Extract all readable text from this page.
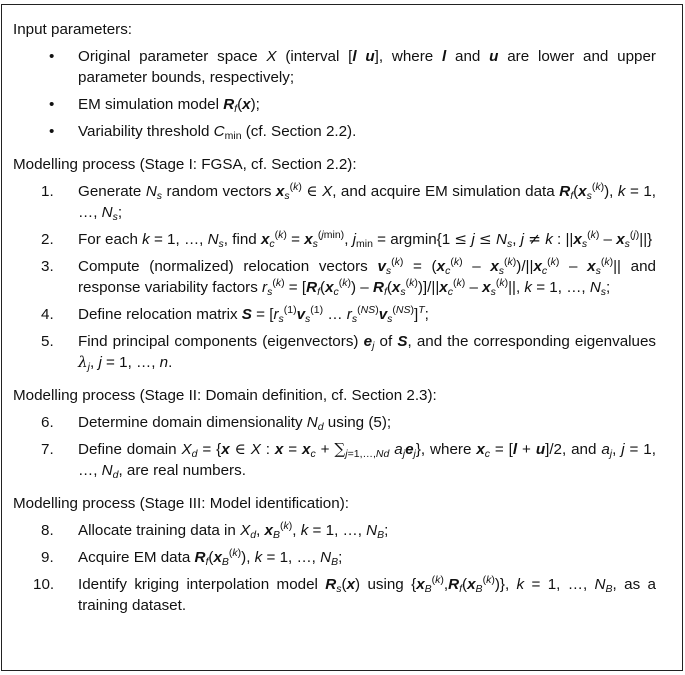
Input parameters:
• Original parameter space X (interval [l u], where l and u are lower and upper parameter bounds, respectively;
• EM simulation model $R_f(x)$;
• Variability threshold $C_{min}$ (cf. Section 2.2).
Modelling process (Stage I: FGSA, cf. Section 2.2):
1. Generate $N_s$ random vectors $x_s^{(k)}$ ∈ X, and acquire EM simulation data $R_f(x_s^{(k)})$, k = 1, …, $N_s$;
2. For each k = 1, …, $N_s$, find $x_c^{(k)} = x_s^{(jmin)}$, $j_{min} = argmin\{1 \le j \le N_s$, j ≠ k : $||x_s^{(k)} - x_s^{(j)}||$}
3. Compute (normalized) relocation vectors $v_s^{(k)} = (x_c^{(k)} - x_s^{(k)})/||x_c^{(k)} - x_s^{(k)}||$ and response variability factors $r_s^{(k)} = [R_f(x_c^{(k)}) - R_f(x_s^{(k)})]/||x_c^{(k)} - x_s^{(k)}||$, k = 1, …, $N_s$;
4. Define relocation matrix $S = [r_s^{(1)}v_s^{(1)}$ … $r_s^{(NS)}v_s^{(NS)}]^T$;
5. Find principal components (eigenvectors) $e_j$ of S, and the corresponding eigenvalues $\lambda_j$, j = 1, …, n.
Modelling process (Stage II: Domain definition, cf. Section 2.3):
6. Determine domain dimensionality $N_d$ using (5);
7. Define domain $X_d = \{x$ ∈ X : $x = x_c + \sum_{j=1,\dots,Nd}$ $a_je_j$}, where $x_c = [l + u]/2$, and $a_j$, j = 1, …, $N_d$, are real numbers.
Modelling process (Stage III: Model identification):
8. Allocate training data in $X_d$, $x_B^{(k)}$, k = 1, …, $N_B$;
9. Acquire EM data $R_f(x_B^{(k)})$, k = 1, …, $N_B$;
10. Identify kriging interpolation model $R_s(x)$ using $\{x_B^{(k)},R_f(x_B^{(k)})\}$, k = 1, …, $N_B$, as a training dataset.
